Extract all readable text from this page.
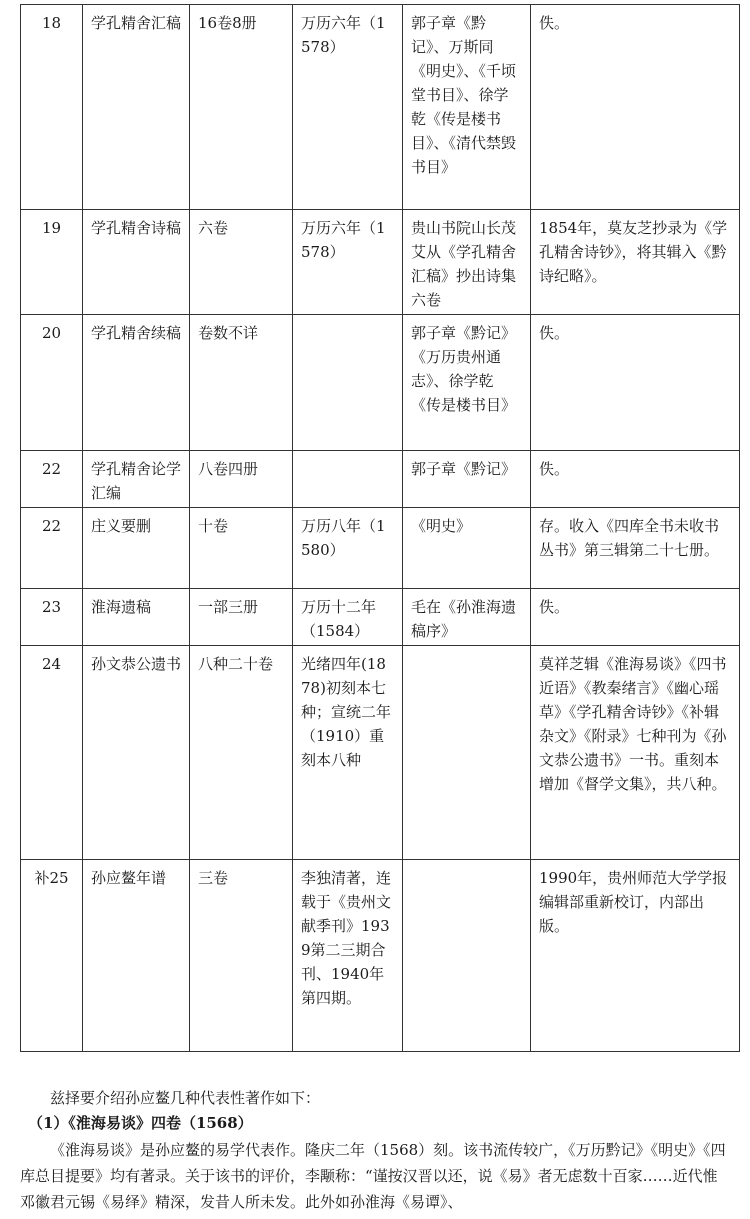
18	学孔精舍汇稿	16卷8册	万历六年（1578）	郭子章《黔记》、万斯同《明史》、《千顷堂书目》、徐学乾《传是楼书目》、《清代禁毁书目》	佚。
19	学孔精舍诗稿	六卷	万历六年（1578）	贵山书院山长茂艾从《学孔精舍汇稿》抄出诗集六卷	1854年，莫友芝抄录为《学孔精舍诗钞》，将其辑入《黔诗纪略》。
20	学孔精舍续稿	卷数不详		郭子章《黔记》《万历贵州通志》、徐学乾《传是楼书目》	佚。
22	学孔精舍论学汇编	八卷四册		郭子章《黔记》	佚。
22	庄义要删	十卷	万历八年（1580）	《明史》	存。收入《四库全书未收书丛书》第三辑第二十七册。
23	淮海遗稿	一部三册	万历十二年（1584）	毛在《孙淮海遗稿序》	佚。
24	孙文恭公遗书	八种二十卷	光绪四年(1878)初刻本七种；宣统二年（1910）重刻本八种		莫祥芝辑《淮海易谈》《四书近语》《教秦绪言》《幽心瑶草》《学孔精舍诗钞》《补辑杂文》《附录》七种刊为《孙文恭公遗书》一书。重刻本增加《督学文集》，共八种。
补25	孙应鳌年谱	三卷	李独清著，连载于《贵州文献季刊》1939第二三期合刊、1940年第四期。		1990年，贵州师范大学学报编辑部重新校订，内部出版。
兹择要介绍孙应鳌几种代表性著作如下：
（1）《淮海易谈》四卷（1568）
《淮海易谈》是孙应鳌的易学代表作。隆庆二年（1568）刻。该书流传较广，《万历黔记》《明史》《四库总目提要》均有著录。关于该书的评价，李颙称：“谨按汉晋以还，说《易》者无虑数十百家……近代惟邓徽君元锡《易绎》精深，发昔人所未发。此外如孙淮海《易谭》、
